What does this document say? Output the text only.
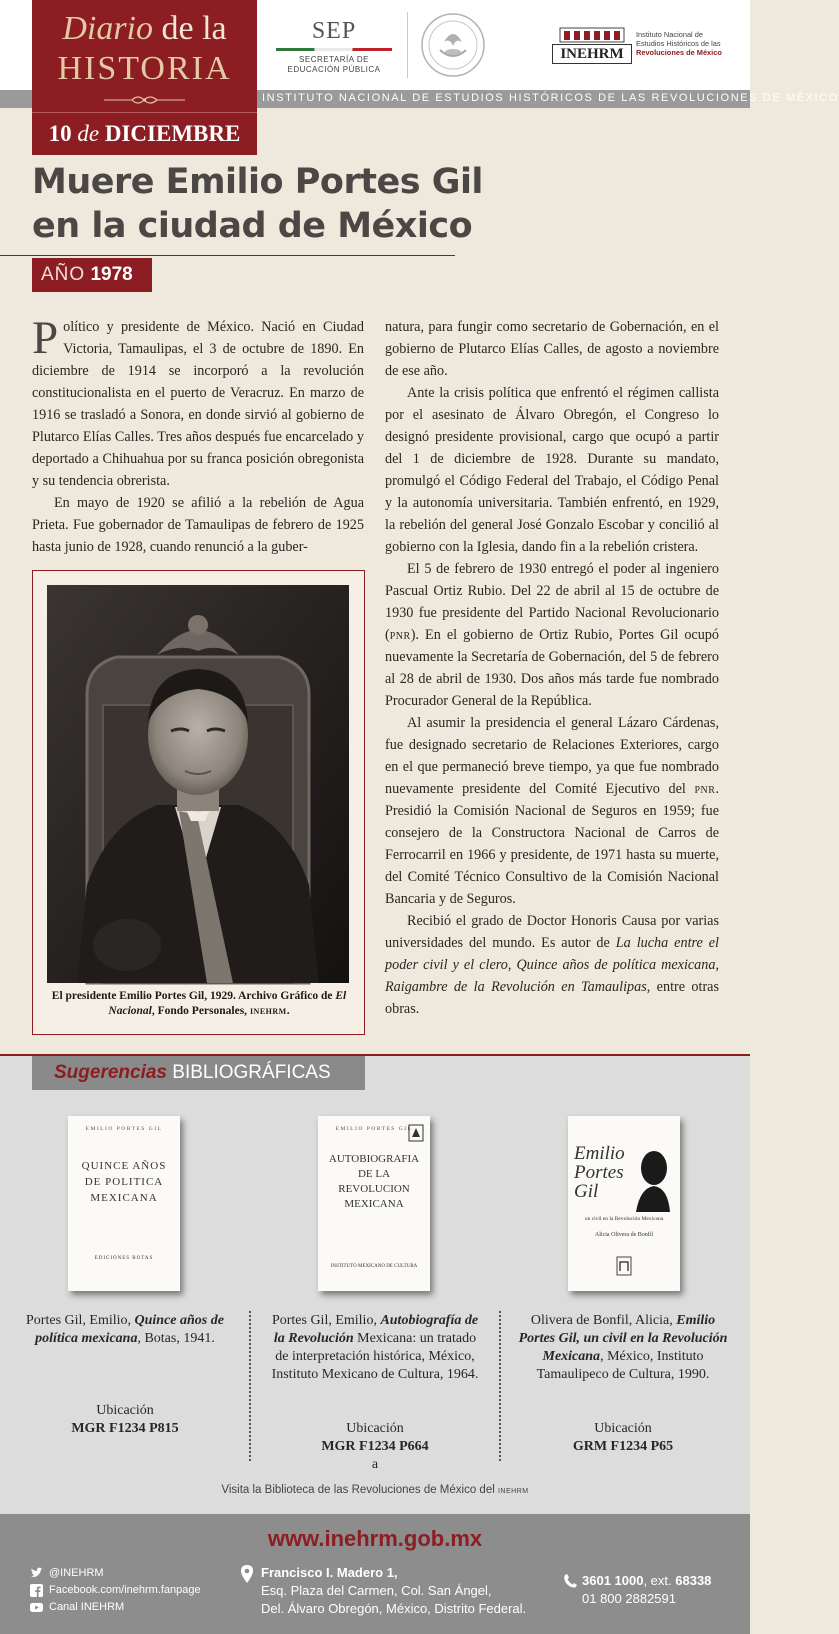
SEP
SECRETARÍA DE
EDUCACIÓN PÚBLICA
INEHRM
Instituto Nacional de
Estudios Históricos de las
Revoluciones de México
INSTITUTO NACIONAL DE ESTUDIOS HISTÓRICOS DE LAS REVOLUCIONES DE MÉXICO
Diario de la
HISTORIA
10 de DICIEMBRE
Muere Emilio Portes Gil
en la ciudad de México
AÑO 1978

Político y presidente de México. Nació en Ciudad Victoria, Tamaulipas, el 3 de octubre de 1890. En diciembre de 1914 se incorporó a la revolución constitucionalista en el puerto de Veracruz. En marzo de 1916 se trasladó a Sonora, en donde sirvió al gobierno de Plutarco Elías Calles. Tres años después fue encarcelado y deportado a Chihuahua por su franca posición obregonista y su tendencia obrerista.

En mayo de 1920 se afilió a la rebelión de Agua Prieta. Fue gobernador de Tamaulipas de febrero de 1925 hasta junio de 1928, cuando renunció a la guber-

natura, para fungir como secretario de Gobernación, en el gobierno de Plutarco Elías Calles, de agosto a noviembre de ese año.

Ante la crisis política que enfrentó el régimen callista por el asesinato de Álvaro Obregón, el Congreso lo designó presidente provisional, cargo que ocupó a partir del 1 de diciembre de 1928. Durante su mandato, promulgó el Código Federal del Trabajo, el Código Penal y la autonomía universitaria. También enfrentó, en 1929, la rebelión del general José Gonzalo Escobar y concilió al gobierno con la Iglesia, dando fin a la rebelión cristera.

El 5 de febrero de 1930 entregó el poder al ingeniero Pascual Ortiz Rubio. Del 22 de abril al 15 de octubre de 1930 fue presidente del Partido Nacional Revolucionario (pnr). En el gobierno de Ortiz Rubio, Portes Gil ocupó nuevamente la Secretaría de Gobernación, del 5 de febrero al 28 de abril de 1930. Dos años más tarde fue nombrado Procurador General de la República.

Al asumir la presidencia el general Lázaro Cárdenas, fue designado secretario de Relaciones Exteriores, cargo en el que permaneció breve tiempo, ya que fue nombrado nuevamente presidente del Comité Ejecutivo del pnr. Presidió la Comisión Nacional de Seguros en 1959; fue consejero de la Constructora Nacional de Carros de Ferrocarril en 1966 y presidente, de 1971 hasta su muerte, del Comité Técnico Consultivo de la Comisión Nacional Bancaria y de Seguros.

Recibió el grado de Doctor Honoris Causa por varias universidades del mundo. Es autor de La lucha entre el poder civil y el clero, Quince años de política mexicana, Raigambre de la Revolución en Tamaulipas, entre otras obras.

El presidente Emilio Portes Gil, 1929. Archivo Gráfico de El Nacional, Fondo Personales, inehrm.
Sugerencias BIBLIOGRÁFICAS
EMILIO PORTES GIL
QUINCE AÑOS DE POLITICA MEXICANA
EDICIONES BOTAS
EMILIO PORTES GIL
AUTOBIOGRAFIA DE LA REVOLUCION MEXICANA
INSTITUTO MEXICANO DE CULTURA
Emilio Portes Gil
un civil en la Revolución Mexicana
Alicia Olivera de Bonfil
Portes Gil, Emilio, Quince años de política mexicana, Botas, 1941.
Ubicación
MGR F1234 P815
Portes Gil, Emilio, Autobiografía de la Revolución Mexicana: un tratado de interpretación histórica, México, Instituto Mexicano de Cultura, 1964.
Ubicación
MGR F1234 P664
a
Olivera de Bonfil, Alicia, Emilio Portes Gil, un civil en la Revolución Mexicana, México, Instituto Tamaulipeco de Cultura, 1990.
Ubicación
GRM F1234 P65
Visita la Biblioteca de las Revoluciones de México del inehrm
www.inehrm.gob.mx
@INEHRM
Facebook.com/inehrm.fanpage
Canal INEHRM
Francisco I. Madero 1,
Esq. Plaza del Carmen, Col. San Ángel,
Del. Álvaro Obregón, México, Distrito Federal.
3601 1000, ext. 68338
01 800 2882591
